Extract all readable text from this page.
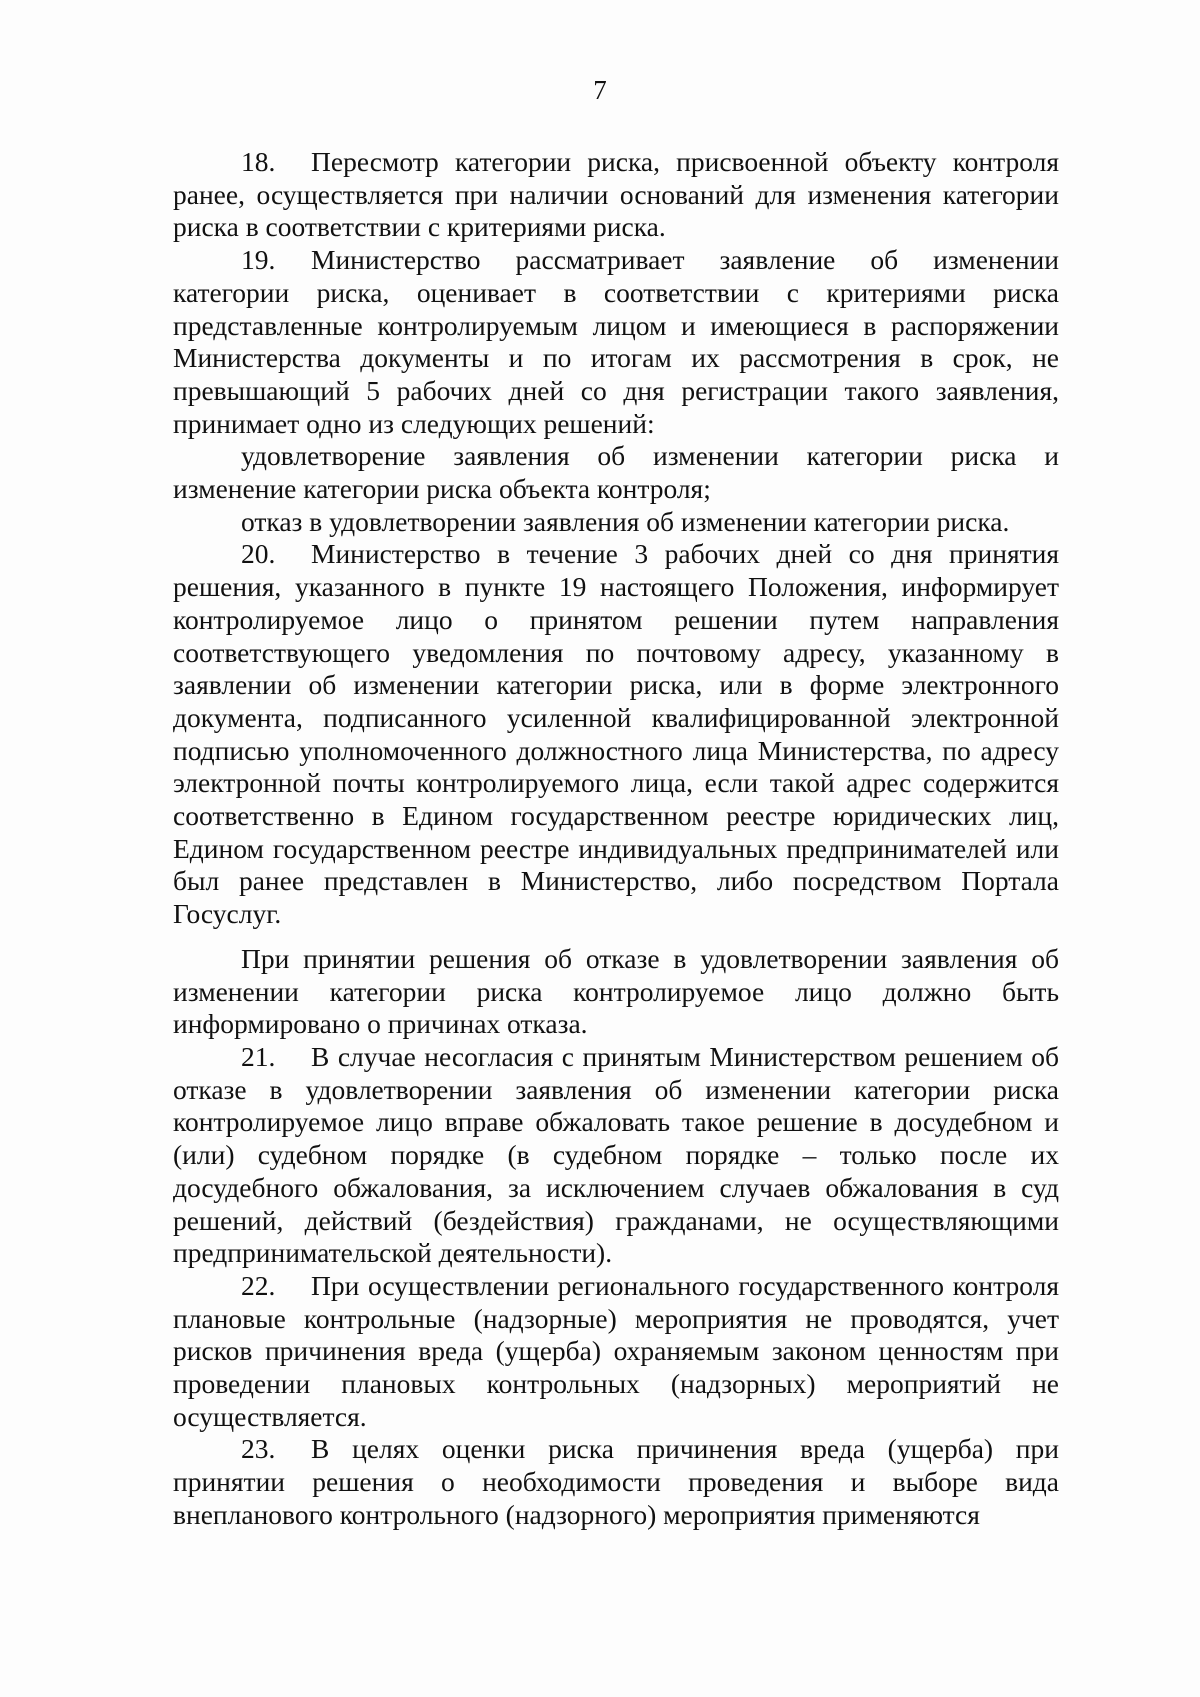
7

18. Пересмотр категории риска, присвоенной объекту контроля ранее, осуществляется при наличии оснований для изменения категории риска в соответствии с критериями риска.

19. Министерство рассматривает заявление об изменении категории риска, оценивает в соответствии с критериями риска представленные контролируемым лицом и имеющиеся в распоряжении Министерства документы и по итогам их рассмотрения в срок, не превышающий 5 рабочих дней со дня регистрации такого заявления, принимает одно из следующих решений:

удовлетворение заявления об изменении категории риска и изменение категории риска объекта контроля;

отказ в удовлетворении заявления об изменении категории риска.

20. Министерство в течение 3 рабочих дней со дня принятия решения, указанного в пункте 19 настоящего Положения, информирует контролируемое лицо о принятом решении путем направления соответствующего уведомления по почтовому адресу, указанному в заявлении об изменении категории риска, или в форме электронного документа, подписанного усиленной квалифицированной электронной подписью уполномоченного должностного лица Министерства, по адресу электронной почты контролируемого лица, если такой адрес содержится соответственно в Едином государственном реестре юридических лиц, Едином государственном реестре индивидуальных предпринимателей или был ранее представлен в Министерство, либо посредством Портала Госуслуг.

При принятии решения об отказе в удовлетворении заявления об изменении категории риска контролируемое лицо должно быть информировано о причинах отказа.

21. В случае несогласия с принятым Министерством решением об отказе в удовлетворении заявления об изменении категории риска контролируемое лицо вправе обжаловать такое решение в досудебном и (или) судебном порядке (в судебном порядке – только после их досудебного обжалования, за исключением случаев обжалования в суд решений, действий (бездействия) гражданами, не осуществляющими предпринимательской деятельности).

22. При осуществлении регионального государственного контроля плановые контрольные (надзорные) мероприятия не проводятся, учет рисков причинения вреда (ущерба) охраняемым законом ценностям при проведении плановых контрольных (надзорных) мероприятий не осуществляется.

23. В целях оценки риска причинения вреда (ущерба) при принятии решения о необходимости проведения и выборе вида внепланового контрольного (надзорного) мероприятия применяются
